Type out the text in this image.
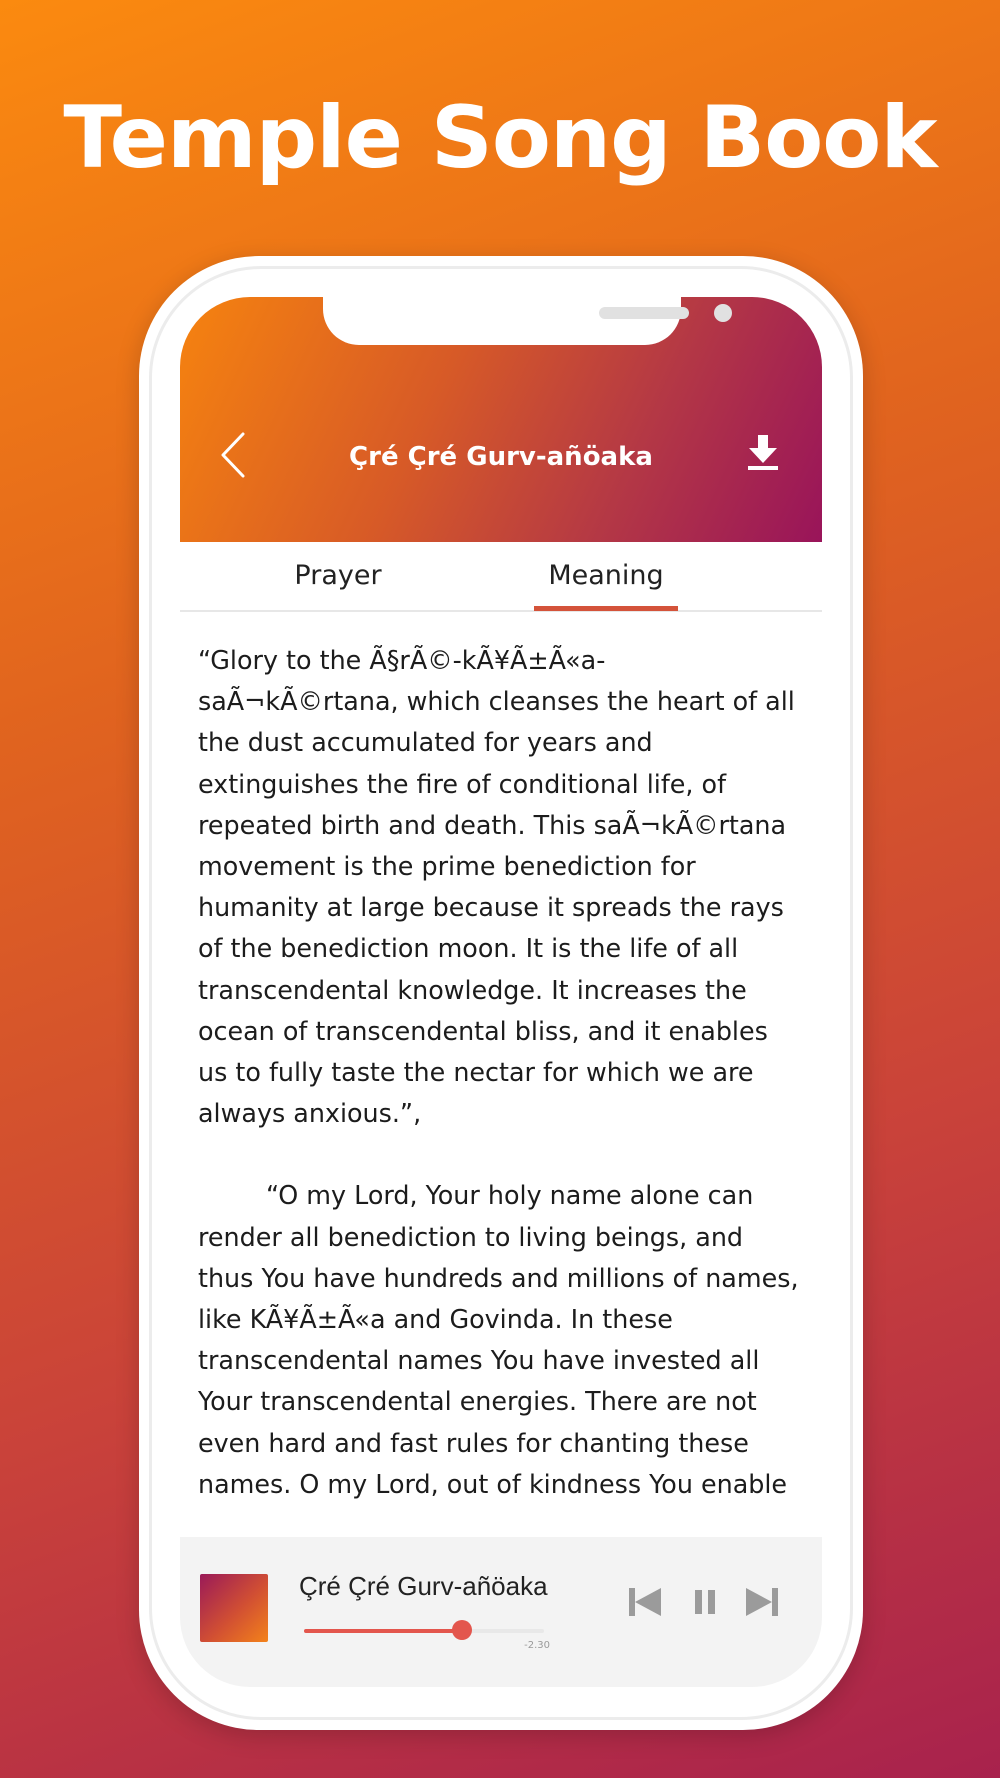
Temple Song Book
Çré Çré Gurv-añöaka
Prayer	Meaning

“Glory to the Ã§rÃ©-kÃ¥Ã±Ã«a-saÃ¬kÃ©rtana, which cleanses the heart of all the dust accumulated for years and extinguishes the fire of conditional life, of repeated birth and death. This saÃ¬kÃ©rtana movement is the prime benediction for humanity at large because it spreads the rays of the benediction moon. It is the life of all transcendental knowledge. It increases the ocean of transcendental bliss, and it enables us to fully taste the nectar for which we are always anxious.”,

“O my Lord, Your holy name alone can render all benediction to living beings, and thus You have hundreds and millions of names, like KÃ¥Ã±Ã«a and Govinda. In these transcendental names You have invested all Your transcendental energies. There are not even hard and fast rules for chanting these names. O my Lord, out of kindness You enable

Çré Çré Gurv-añöaka
-2.30
